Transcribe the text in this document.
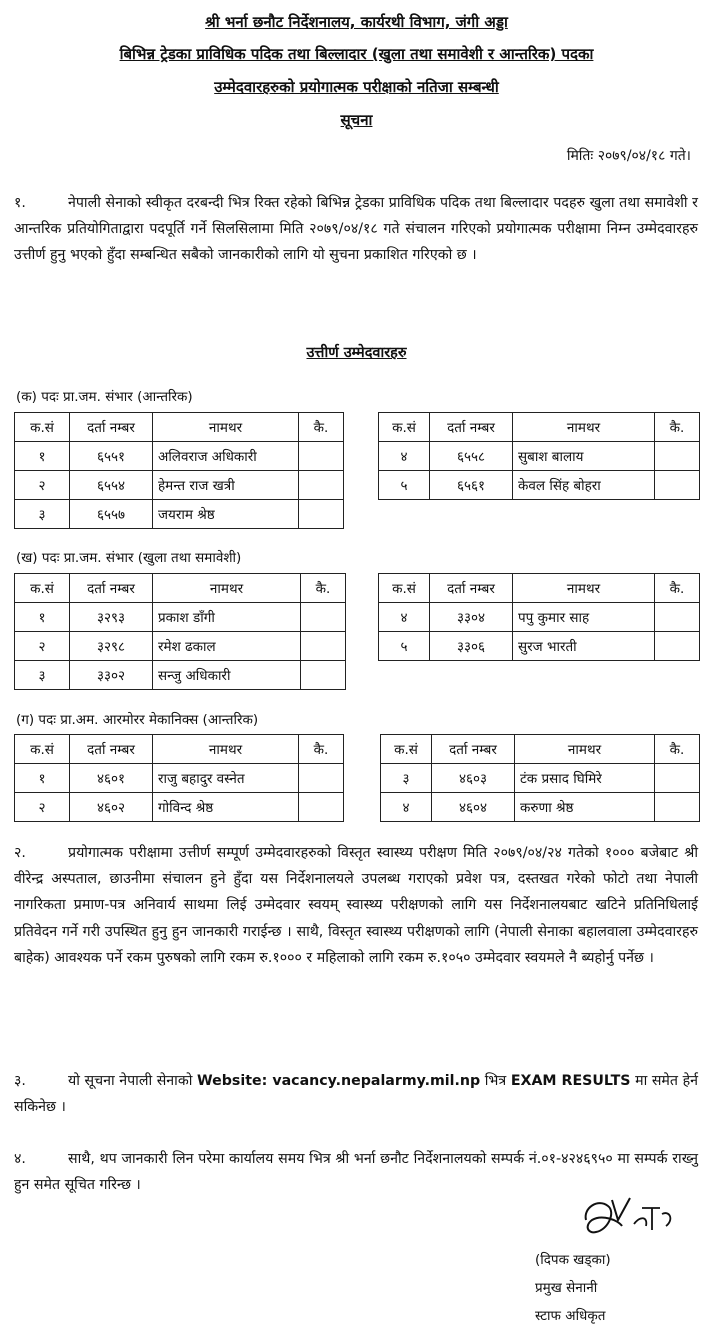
श्री भर्ना छनौट निर्देशनालय, कार्यरथी विभाग, जंगी अड्डा
बिभिन्न ट्रेडका प्राविधिक पदिक तथा बिल्लादार (खुला तथा समावेशी र आन्तरिक) पदका
उम्मेदवारहरुको प्रयोगात्मक परीक्षाको नतिजा सम्बन्धी
सूचना
मितिः २०७९/०४/१८ गते।
१.	नेपाली सेनाको स्वीकृत दरबन्दी भित्र रिक्त रहेको बिभिन्न ट्रेडका प्राविधिक पदिक तथा बिल्लादार पदहरु खुला तथा समावेशी र आन्तरिक प्रतियोगिताद्वारा पदपूर्ति गर्ने सिलसिलामा मिति २०७९/०४/१८ गते संचालन गरिएको प्रयोगात्मक परीक्षामा निम्न उम्मेदवारहरु उत्तीर्ण हुनु भएको हुँदा सम्बन्धित सबैको जानकारीको लागि यो सुचना प्रकाशित गरिएको छ ।
उत्तीर्ण उम्मेदवारहरु
(क) पदः प्रा.जम. संभार (आन्तरिक)
क.सं	दर्ता नम्बर	नामथर	कै.
१	६५५१	अलिवराज अधिकारी	
२	६५५४	हेमन्त राज खत्री	
३	६५५७	जयराम श्रेष्ठ	
क.सं	दर्ता नम्बर	नामथर	कै.
४	६५५८	सुबाश बालाय	
५	६५६१	केवल सिंह बोहरा	
(ख) पदः प्रा.जम. संभार (खुला तथा समावेशी)
क.सं	दर्ता नम्बर	नामथर	कै.
१	३२९३	प्रकाश डाँगी	
२	३२९८	रमेश ढकाल	
३	३३०२	सन्जु अधिकारी	
क.सं	दर्ता नम्बर	नामथर	कै.
४	३३०४	पपु कुमार साह	
५	३३०६	सुरज भारती	
(ग) पदः प्रा.अम. आरमोरर मेकानिक्स (आन्तरिक)
क.सं	दर्ता नम्बर	नामथर	कै.
१	४६०१	राजु बहादुर वस्नेत	
२	४६०२	गोविन्द श्रेष्ठ	
क.सं	दर्ता नम्बर	नामथर	कै.
३	४६०३	टंक प्रसाद घिमिरे	
४	४६०४	करुणा श्रेष्ठ	
२.	प्रयोगात्मक परीक्षामा उत्तीर्ण सम्पूर्ण उम्मेदवारहरुको विस्तृत स्वास्थ्य परीक्षण मिति २०७९/०४/२४ गतेको १००० बजेबाट श्री वीरेन्द्र अस्पताल, छाउनीमा संचालन हुने हुँदा यस निर्देशनालयले उपलब्ध गराएको प्रवेश पत्र, दस्तखत गरेको फोटो तथा नेपाली नागरिकता प्रमाण-पत्र अनिवार्य साथमा लिई उम्मेदवार स्वयम् स्वास्थ्य परीक्षणको लागि यस निर्देशनालयबाट खटिने प्रतिनिधिलाई प्रतिवेदन गर्ने गरी उपस्थित हुनु हुन जानकारी गराईन्छ । साथै, विस्तृत स्वास्थ्य परीक्षणको लागि (नेपाली सेनाका बहालवाला उम्मेदवारहरु बाहेक) आवश्यक पर्ने रकम पुरुषको लागि रकम रु.१००० र महिलाको लागि रकम रु.१०५० उम्मेदवार स्वयमले नै ब्यहोर्नु पर्नेछ ।
३.	यो सूचना नेपाली सेनाको Website: vacancy.nepalarmy.mil.np भित्र EXAM RESULTS मा समेत हेर्न सकिनेछ ।
४.	साथै, थप जानकारी लिन परेमा कार्यालय समय भित्र श्री भर्ना छनौट निर्देशनालयको सम्पर्क नं.०१-४२४६९५० मा सम्पर्क राख्नु हुन समेत सूचित गरिन्छ ।
(दिपक खड्का)
प्रमुख सेनानी
स्टाफ अधिकृत
